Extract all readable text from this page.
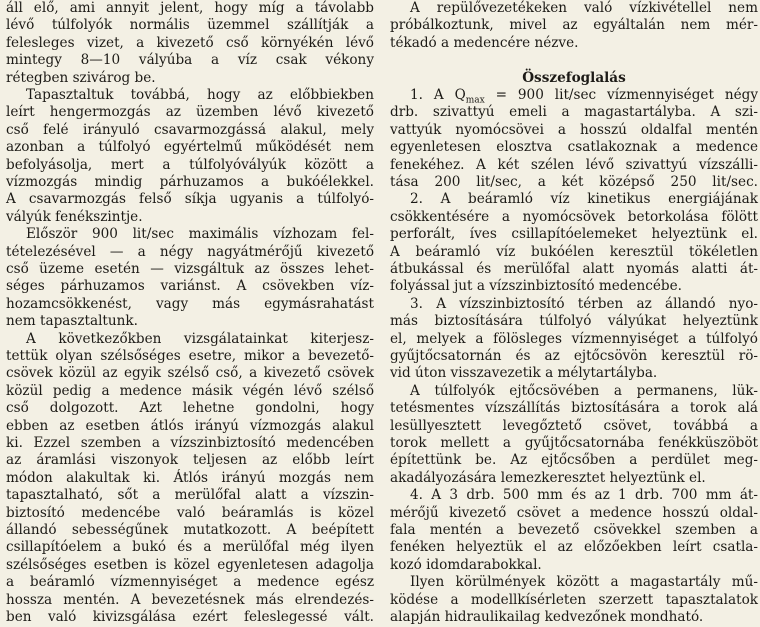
áll elő, ami annyit jelent, hogy míg a távolabb
lévő túlfolyók normális üzemmel szállítják a
felesleges vizet, a kivezető cső környékén lévő
mintegy 8—10 vályúba a víz csak vékony
rétegben szivárog be.
Tapasztaltuk továbbá, hogy az előbbiekben
leírt hengermozgás az üzemben lévő kivezető
cső felé irányuló csavarmozgássá alakul, mely
azonban a túlfolyó egyértelmű működését nem
befolyásolja, mert a túlfolyóvályúk között a
vízmozgás mindig párhuzamos a bukóélekkel.
A csavarmozgás felső síkja ugyanis a túlfolyó-
vályúk fenékszintje.
Először 900 lit/sec maximális vízhozam fel-
tételezésével — a négy nagyátmérőjű kivezető
cső üzeme esetén — vizsgáltuk az összes lehet-
séges párhuzamos variánst. A csövekben víz-
hozamcsökkenést, vagy más egymásrahatást
nem tapasztaltunk.
A következőkben vizsgálatainkat kiterjesz-
tettük olyan szélsőséges esetre, mikor a bevezető-
csövek közül az egyik szélső cső, a kivezető csövek
közül pedig a medence másik végén lévő szélső
cső dolgozott. Azt lehetne gondolni, hogy
ebben az esetben átlós irányú vízmozgás alakul
ki. Ezzel szemben a vízszinbiztosító medencében
az áramlási viszonyok teljesen az előbb leírt
módon alakultak ki. Átlós irányú mozgás nem
tapasztalható, sőt a merülőfal alatt a vízszin-
biztosító medencébe való beáramlás is közel
állandó sebességűnek mutatkozott. A beépített
csillapítóelem a bukó és a merülőfal még ilyen
szélsőséges esetben is közel egyenletesen adagolja
a beáramló vízmennyiséget a medence egész
hossza mentén. A bevezetésnek más elrendezés-
ben való kivizsgálása ezért feleslegessé vált.
A repülővezetékeken való vízkivétellel nem
próbálkoztunk, mivel az egyáltalán nem mér-
tékadó a medencére nézve.
Összefoglalás
1. A $Q_{max} = 900$ lit/sec vízmennyiséget négy
drb. szivattyú emeli a magastartályba. A szi-
vattyúk nyomócsövei a hosszú oldalfal mentén
egyenletesen elosztva csatlakoznak a medence
fenekéhez. A két szélen lévő szivattyú vízszálli-
tása 200 lit/sec, a két középső 250 lit/sec.
2. A beáramló víz kinetikus energiájának
csökkentésére a nyomócsövek betorkolása fölött
perforált, íves csillapítóelemeket helyeztünk el.
A beáramló víz bukóélen keresztül tökéletlen
átbukással és merülőfal alatt nyomás alatti át-
folyással jut a vízszinbiztosító medencébe.
3. A vízszinbiztosító térben az állandó nyo-
más biztosítására túlfolyó vályúkat helyeztünk
el, melyek a fölösleges vízmennyiséget a túlfolyó
gyűjtőcsatornán és az ejtőcsövön keresztül rö-
vid úton visszavezetik a mélytartályba.
A túlfolyók ejtőcsövében a permanens, lük-
tetésmentes vízszállítás biztosítására a torok alá
lesüllyesztett levegőztető csövet, továbbá a
torok mellett a gyűjtőcsatornába fenékküszöböt
építettünk be. Az ejtőcsőben a perdület meg-
akadályozására lemezkeresztet helyeztünk el.
4. A 3 drb. 500 mm és az 1 drb. 700 mm át-
mérőjű kivezető csövet a medence hosszú oldal-
fala mentén a bevezető csövekkel szemben a
fenéken helyeztük el az előzőekben leírt csatla-
kozó idomdarabokkal.
Ilyen körülmények között a magastartály mű-
ködése a modellkísérleten szerzett tapasztalatok
alapján hidraulikailag kedvezőnek mondható.
